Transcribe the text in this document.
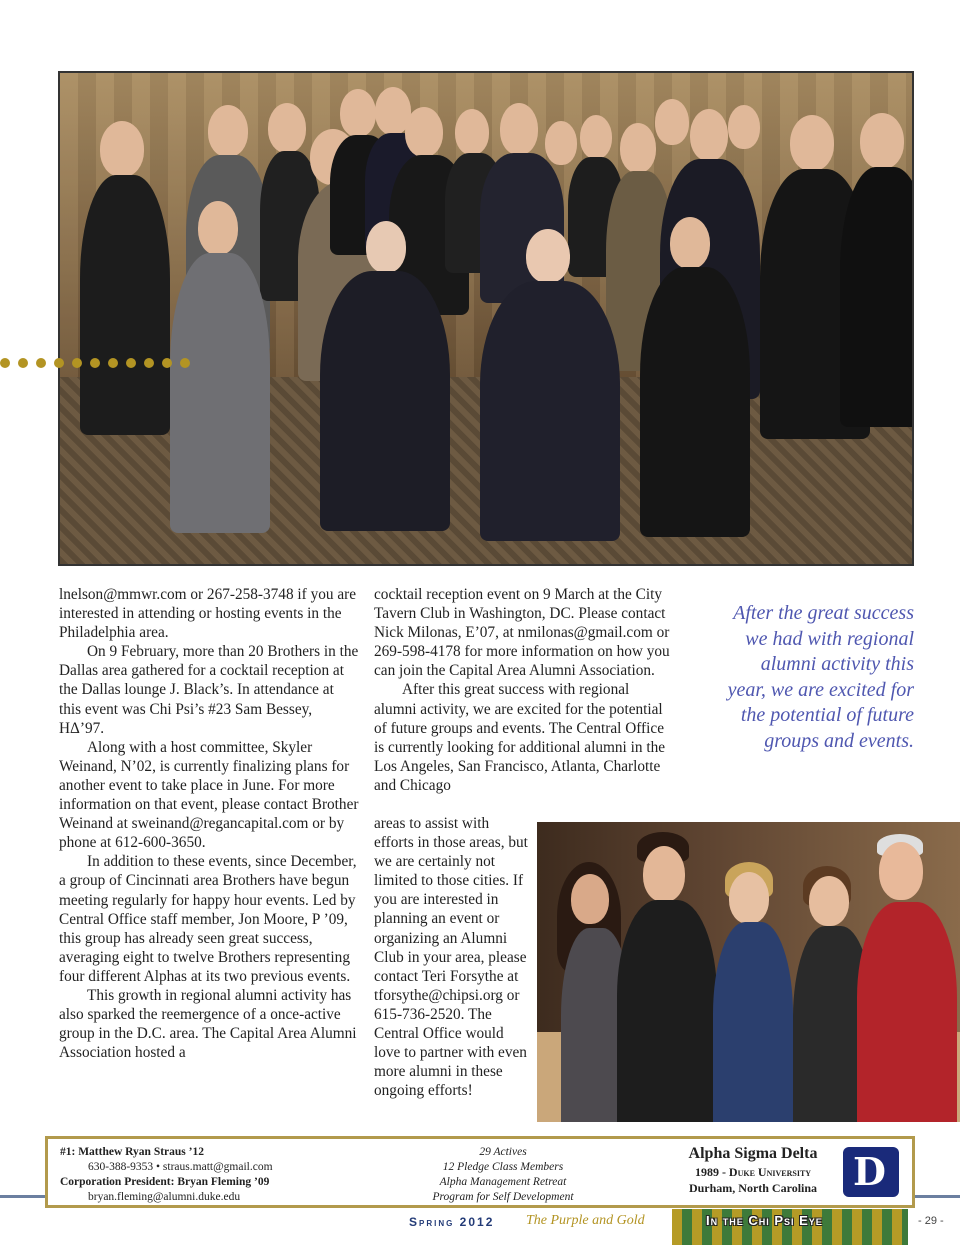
lnelson@mmwr.com or 267-258-3748 if you are interested in attending or hosting events in the Philadelphia area.

On 9 February, more than 20 Brothers in the Dallas area gathered for a cocktail reception at the Dallas lounge J. Black’s. In attendance at this event was Chi Psi’s #23 Sam Bessey, HΔ’97.

Along with a host committee, Skyler Weinand, N’02, is currently finalizing plans for another event to take place in June. For more information on that event, please contact Brother Weinand at sweinand@regancapital.com or by phone at 612-600-3650.

In addition to these events, since December, a group of Cincinnati area Brothers have begun meeting regularly for happy hour events. Led by Central Office staff member, Jon Moore, P ’09, this group has already seen great success, averaging eight to twelve Brothers representing four different Alphas at its two previous events.

This growth in regional alumni activity has also sparked the reemergence of a once-active group in the D.C. area. The Capital Area Alumni Association hosted a

cocktail reception event on 9 March at the City Tavern Club in Washington, DC. Please contact Nick Milonas, E’07, at nmilonas@gmail.com or 269-598-4178 for more information on how you can join the Capital Area Alumni Association.

After this great success with regional alumni activity, we are excited for the potential of future groups and events. The Central Office is currently looking for additional alumni in the Los Angeles, San Francisco, Atlanta, Charlotte and Chicago

areas to assist with efforts in those areas, but we are certainly not limited to those cities. If you are interested in planning an event or organizing an Alumni Club in your area, please contact Teri Forsythe at tforsythe@chipsi.org or 615-736-2520. The Central Office would love to partner with even more alumni in these ongoing efforts!

After the great success we had with regional alumni activity this year, we are excited for the potential of future groups and events.
#1: Matthew Ryan Straus ’12
630-388-9353 • straus.matt@gmail.com
Corporation President: Bryan Fleming ’09
bryan.fleming@alumni.duke.edu
29 Actives
12 Pledge Class Members
Alpha Management Retreat
Program for Self Development
Alpha Sigma Delta
1989 - Duke University
Durham, North Carolina D
Spring 2012 The Purple and Gold	In the Chi Psi Eye	- 29 -
